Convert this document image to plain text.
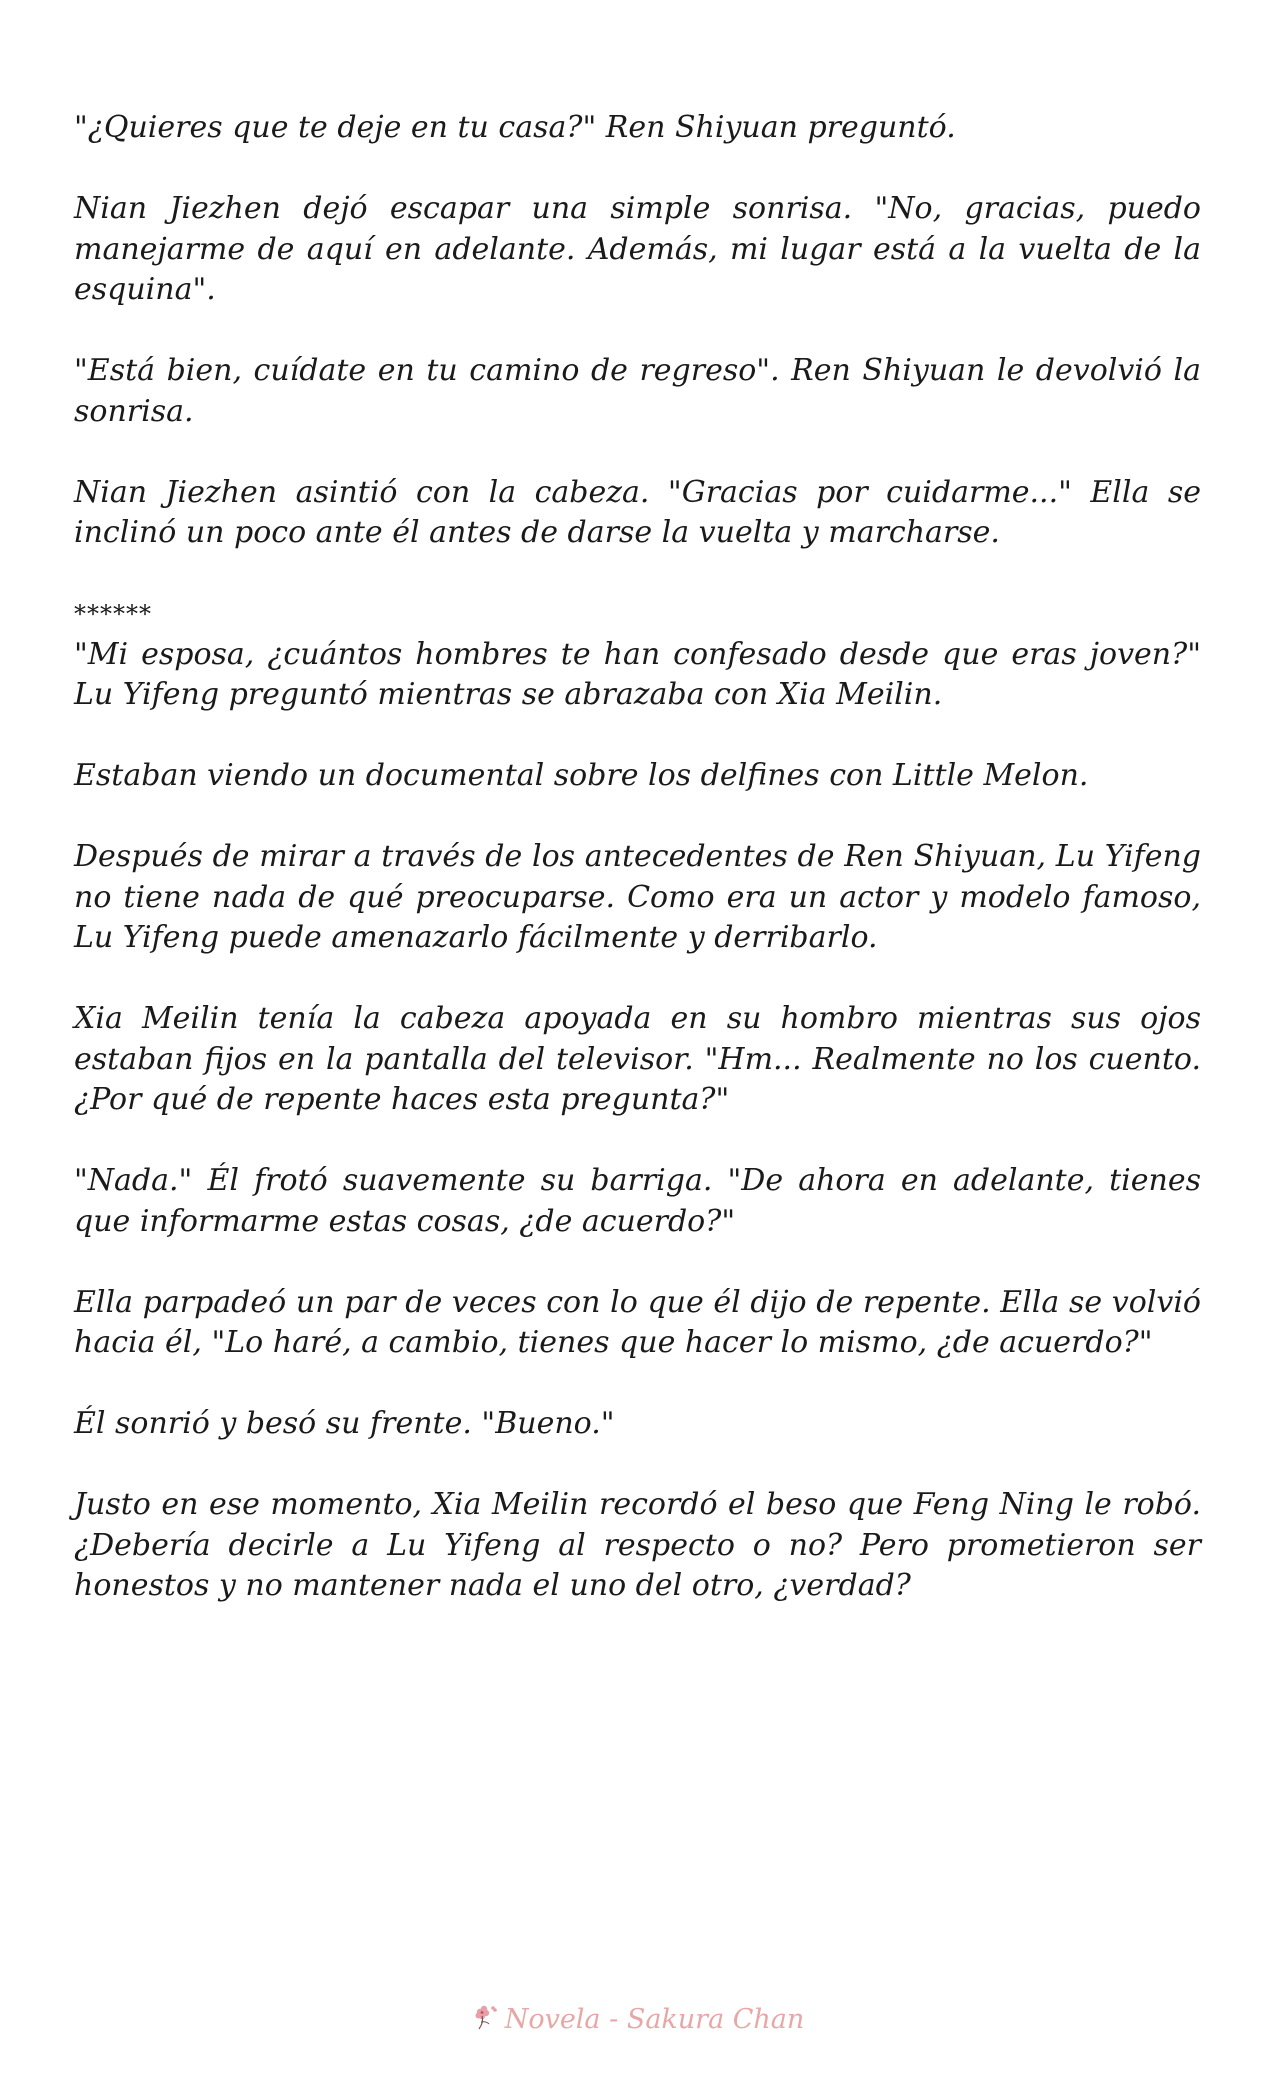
"¿Quieres que te deje en tu casa?" Ren Shiyuan preguntó.

Nian Jiezhen dejó escapar una simple sonrisa. "No, gracias, puedo manejarme de aquí en adelante. Además, mi lugar está a la vuelta de la esquina".

"Está bien, cuídate en tu camino de regreso". Ren Shiyuan le devolvió la sonrisa.

Nian Jiezhen asintió con la cabeza. "Gracias por cuidarme..." Ella se inclinó un poco ante él antes de darse la vuelta y marcharse.

******

"Mi esposa, ¿cuántos hombres te han confesado desde que eras joven?" Lu Yifeng preguntó mientras se abrazaba con Xia Meilin.

Estaban viendo un documental sobre los delfines con Little Melon.

Después de mirar a través de los antecedentes de Ren Shiyuan, Lu Yifeng no tiene nada de qué preocuparse. Como era un actor y modelo famoso, Lu Yifeng puede amenazarlo fácilmente y derribarlo.

Xia Meilin tenía la cabeza apoyada en su hombro mientras sus ojos estaban fijos en la pantalla del televisor. "Hm... Realmente no los cuento. ¿Por qué de repente haces esta pregunta?"

"Nada." Él frotó suavemente su barriga. "De ahora en adelante, tienes que informarme estas cosas, ¿de acuerdo?"

Ella parpadeó un par de veces con lo que él dijo de repente. Ella se volvió hacia él, "Lo haré, a cambio, tienes que hacer lo mismo, ¿de acuerdo?"

Él sonrió y besó su frente. "Bueno."

Justo en ese momento, Xia Meilin recordó el beso que Feng Ning le robó. ¿Debería decirle a Lu Yifeng al respecto o no? Pero prometieron ser honestos y no mantener nada el uno del otro, ¿verdad?

Novela - Sakura Chan
